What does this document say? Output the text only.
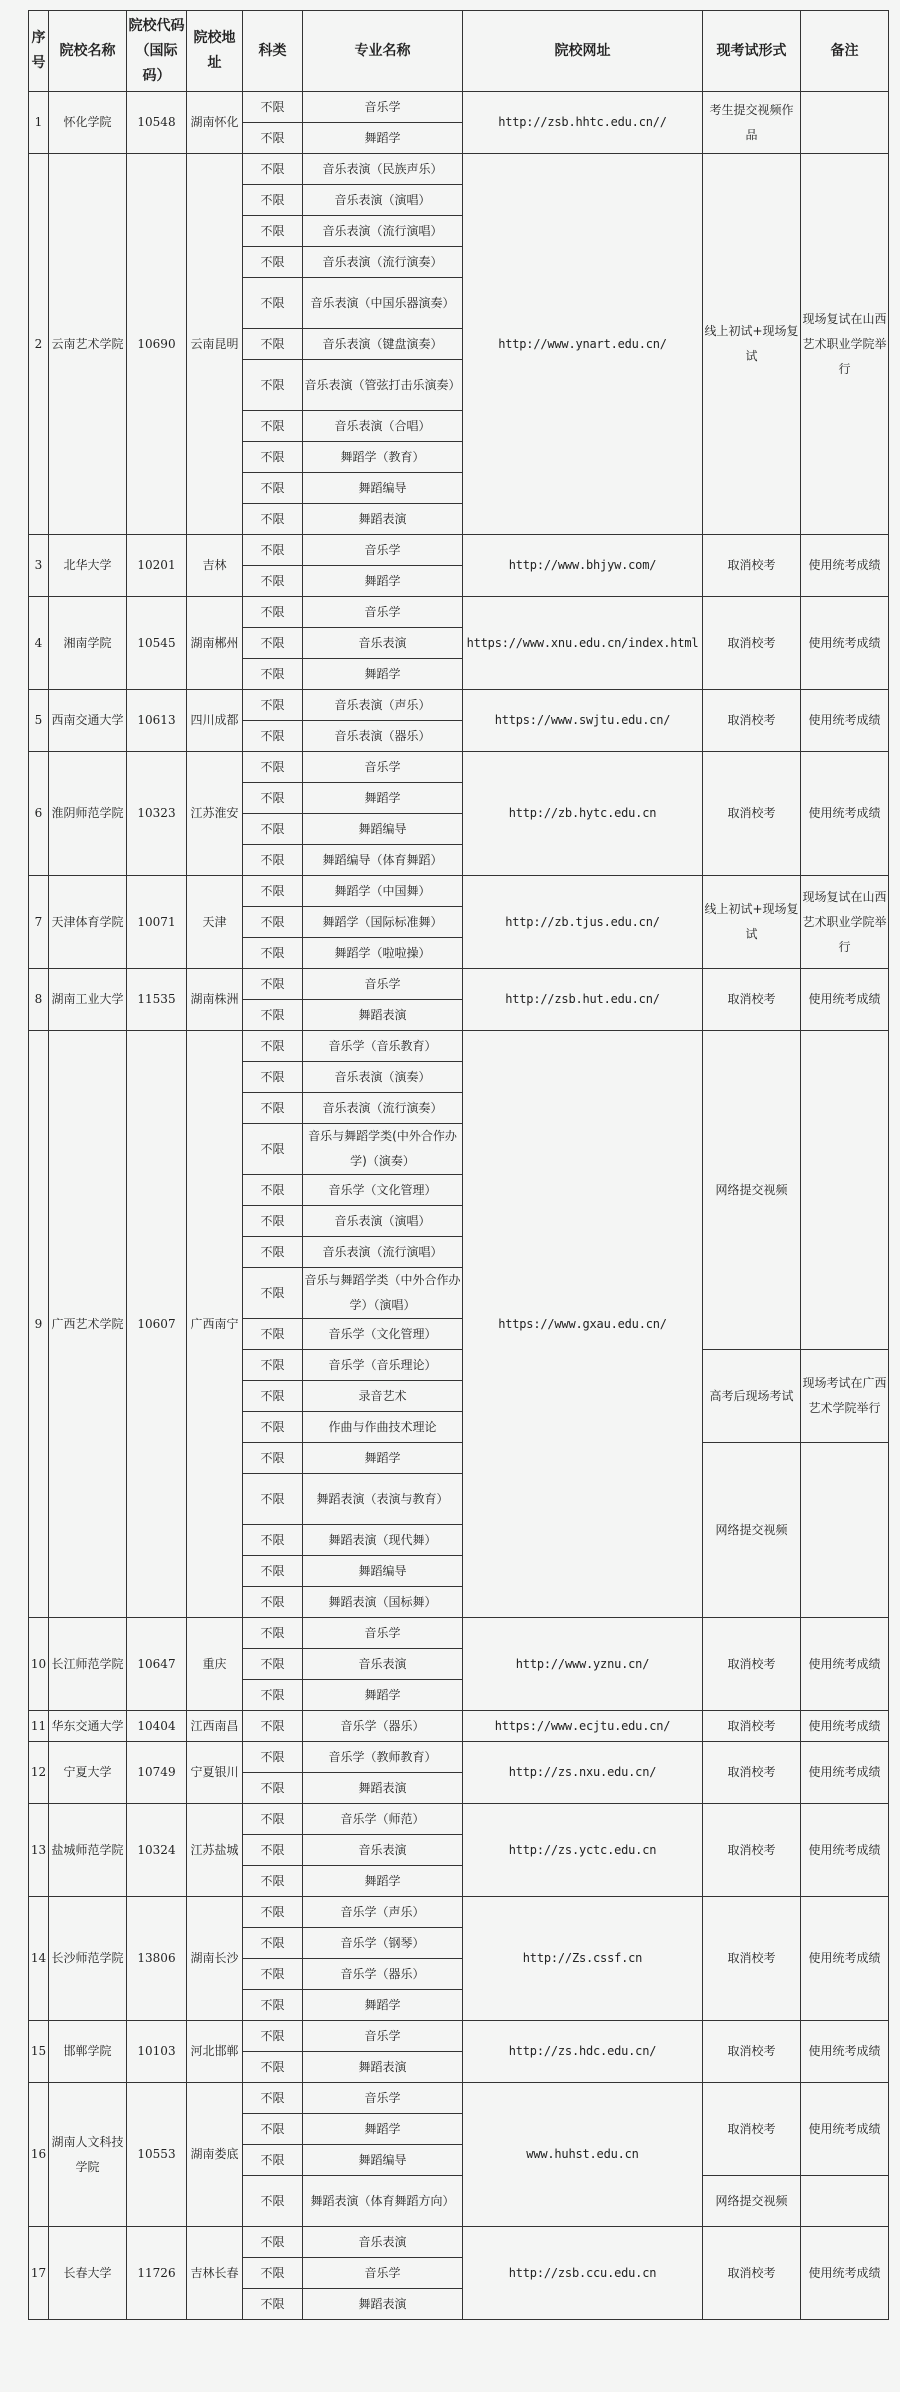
序号	院校名称	院校代码（国际码）	院校地址	科类	专业名称	院校网址	现考试形式	备注
1	怀化学院	10548	湖南怀化	不限	音乐学	http://zsb.hhtc.edu.cn//	考生提交视频作品	
				不限	舞蹈学			
2	云南艺术学院	10690	云南昆明	不限	音乐表演（民族声乐）	http://www.ynart.edu.cn/	线上初试+现场复试	现场复试在山西艺术职业学院举行
				不限	音乐表演（演唱）			
				不限	音乐表演（流行演唱）			
				不限	音乐表演（流行演奏）			
				不限	音乐表演（中国乐器演奏）			
				不限	音乐表演（键盘演奏）			
				不限	音乐表演（管弦打击乐演奏）			
				不限	音乐表演（合唱）			
				不限	舞蹈学（教育）			
				不限	舞蹈编导			
				不限	舞蹈表演			
3	北华大学	10201	吉林	不限	音乐学	http://www.bhjyw.com/	取消校考	使用统考成绩
				不限	舞蹈学			
4	湘南学院	10545	湖南郴州	不限	音乐学	https://www.xnu.edu.cn/index.html	取消校考	使用统考成绩
				不限	音乐表演			
				不限	舞蹈学			
5	西南交通大学	10613	四川成都	不限	音乐表演（声乐）	https://www.swjtu.edu.cn/	取消校考	使用统考成绩
				不限	音乐表演（器乐）			
6	淮阴师范学院	10323	江苏淮安	不限	音乐学	http://zb.hytc.edu.cn	取消校考	使用统考成绩
				不限	舞蹈学			
				不限	舞蹈编导			
				不限	舞蹈编导（体育舞蹈）			
7	天津体育学院	10071	天津	不限	舞蹈学（中国舞）	http://zb.tjus.edu.cn/	线上初试+现场复试	现场复试在山西艺术职业学院举行
				不限	舞蹈学（国际标准舞）			
				不限	舞蹈学（啦啦操）			
8	湖南工业大学	11535	湖南株洲	不限	音乐学	http://zsb.hut.edu.cn/	取消校考	使用统考成绩
				不限	舞蹈表演			
9	广西艺术学院	10607	广西南宁	不限	音乐学（音乐教育）	https://www.gxau.edu.cn/	网络提交视频	
				不限	音乐表演（演奏）			
				不限	音乐表演（流行演奏）			
				不限	音乐与舞蹈学类(中外合作办学)（演奏）			
				不限	音乐学（文化管理）			
				不限	音乐表演（演唱）			
				不限	音乐表演（流行演唱）			
				不限	音乐与舞蹈学类（中外合作办学）（演唱）			
				不限	音乐学（文化管理）			
				不限	音乐学（音乐理论）		高考后现场考试	现场考试在广西艺术学院举行
				不限	录音艺术			
				不限	作曲与作曲技术理论			
				不限	舞蹈学		网络提交视频	
				不限	舞蹈表演（表演与教育）			
				不限	舞蹈表演（现代舞）			
				不限	舞蹈编导			
				不限	舞蹈表演（国标舞）			
10	长江师范学院	10647	重庆	不限	音乐学	http://www.yznu.cn/	取消校考	使用统考成绩
				不限	音乐表演			
				不限	舞蹈学			
11	华东交通大学	10404	江西南昌	不限	音乐学（器乐）	https://www.ecjtu.edu.cn/	取消校考	使用统考成绩
12	宁夏大学	10749	宁夏银川	不限	音乐学（教师教育）	http://zs.nxu.edu.cn/	取消校考	使用统考成绩
				不限	舞蹈表演			
13	盐城师范学院	10324	江苏盐城	不限	音乐学（师范）	http://zs.yctc.edu.cn	取消校考	使用统考成绩
				不限	音乐表演			
				不限	舞蹈学			
14	长沙师范学院	13806	湖南长沙	不限	音乐学（声乐）	http://Zs.cssf.cn	取消校考	使用统考成绩
				不限	音乐学（钢琴）			
				不限	音乐学（器乐）			
				不限	舞蹈学			
15	邯郸学院	10103	河北邯郸	不限	音乐学	http://zs.hdc.edu.cn/	取消校考	使用统考成绩
				不限	舞蹈表演			
16	湖南人文科技学院	10553	湖南娄底	不限	音乐学	www.huhst.edu.cn	取消校考	使用统考成绩
				不限	舞蹈学			
				不限	舞蹈编导			
				不限	舞蹈表演（体育舞蹈方向）		网络提交视频	
17	长春大学	11726	吉林长春	不限	音乐表演	http://zsb.ccu.edu.cn	取消校考	使用统考成绩
				不限	音乐学			
				不限	舞蹈表演			
